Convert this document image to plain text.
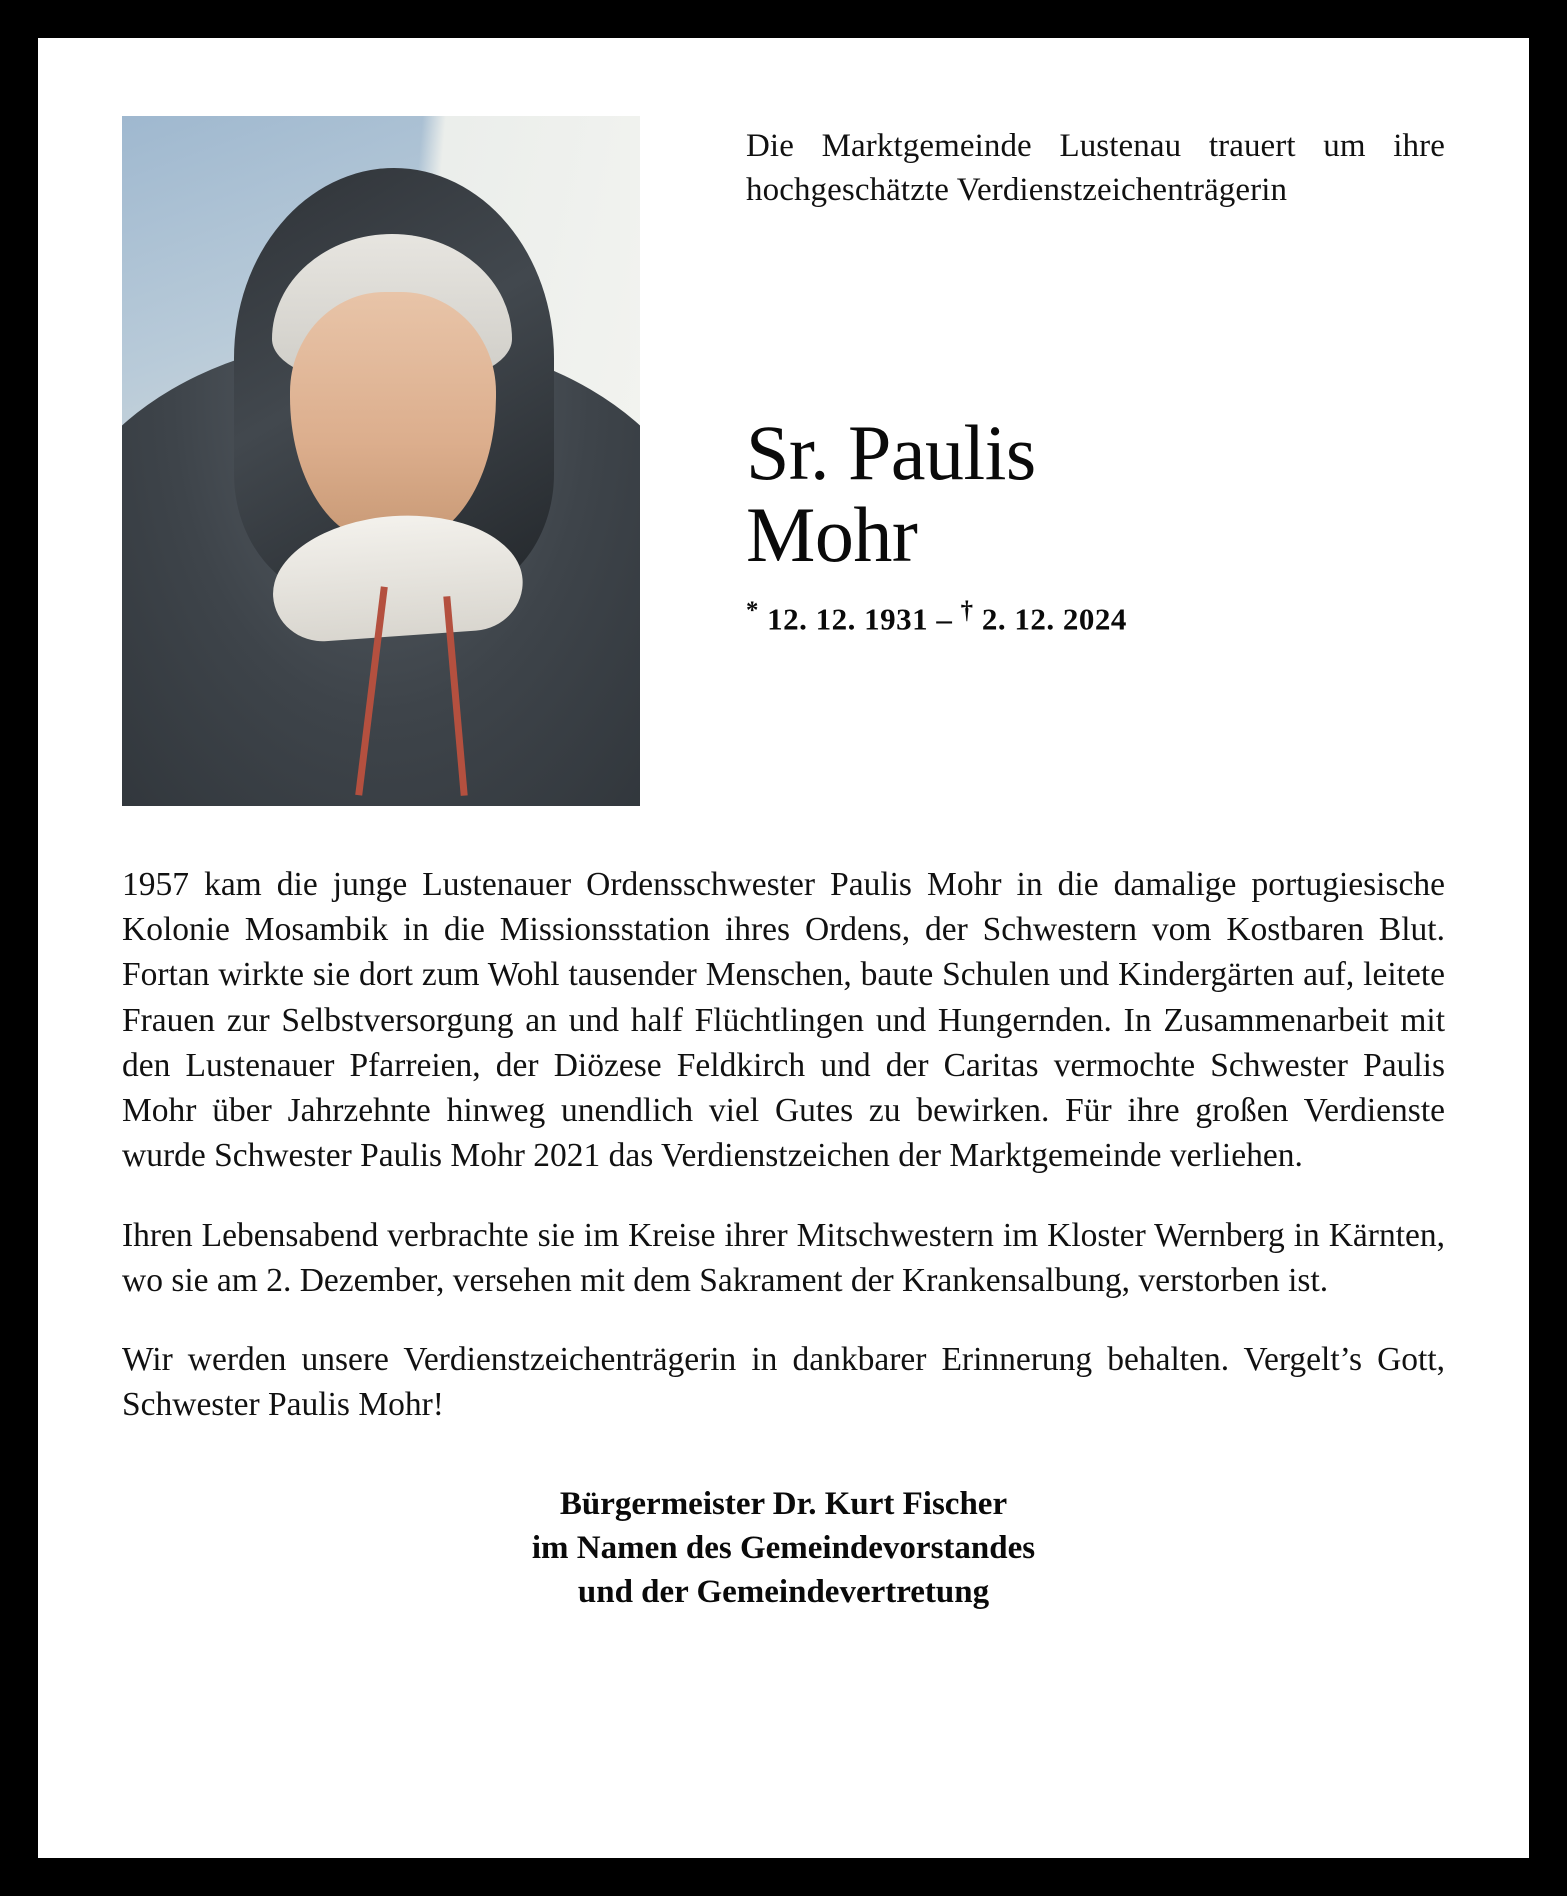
Die Marktgemeinde Lustenau trauert um ihre hochgeschätzte Verdienstzeichenträgerin
Sr. Paulis
Mohr
* 12. 12. 1931 – † 2. 12. 2024

1957 kam die junge Lustenauer Ordensschwester Paulis Mohr in die damalige portugiesische Kolonie Mosambik in die Missionsstation ihres Ordens, der Schwestern vom Kostbaren Blut. Fortan wirkte sie dort zum Wohl tausender Menschen, baute Schulen und Kindergärten auf, leitete Frauen zur Selbstversorgung an und half Flüchtlingen und Hungernden. In Zusammenarbeit mit den Lustenauer Pfarreien, der Diözese Feldkirch und der Caritas vermochte Schwester Paulis Mohr über Jahrzehnte hinweg unendlich viel Gutes zu bewirken. Für ihre großen Verdienste wurde Schwester Paulis Mohr 2021 das Verdienstzeichen der Marktgemeinde verliehen.

Ihren Lebensabend verbrachte sie im Kreise ihrer Mitschwestern im Kloster Wernberg in Kärnten, wo sie am 2. Dezember, versehen mit dem Sakrament der Krankensalbung, verstorben ist.

Wir werden unsere Verdienstzeichenträgerin in dankbarer Erinnerung behalten. Vergelt’s Gott, Schwester Paulis Mohr!

Bürgermeister Dr. Kurt Fischer
im Namen des Gemeindevorstandes
und der Gemeindevertretung
